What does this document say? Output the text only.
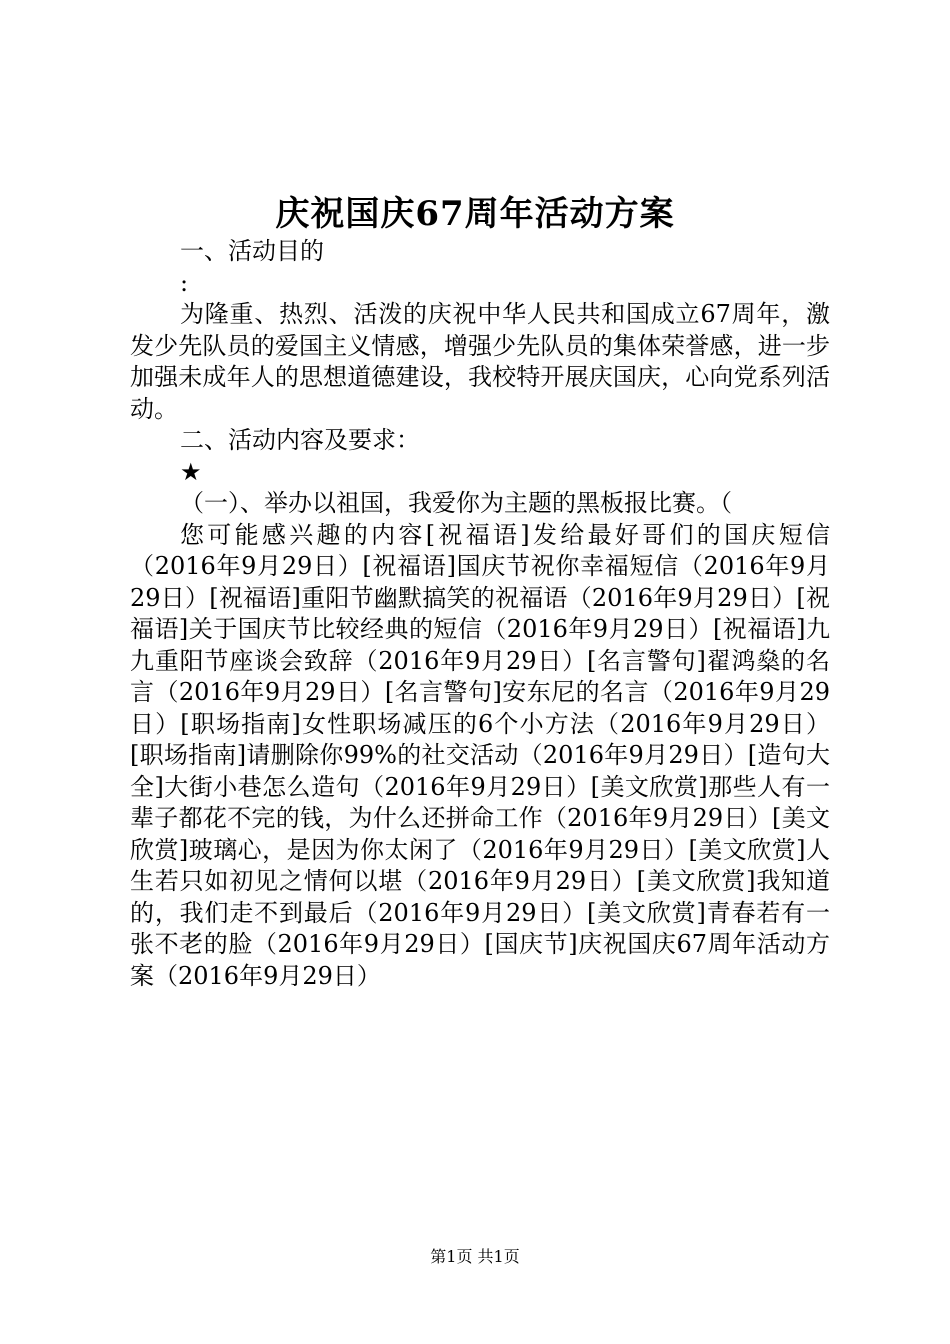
庆祝国庆67周年活动方案
一、活动目的
:

为隆重、热烈、活泼的庆祝中华人民共和国成立67周年，激发少先队员的爱国主义情感，增强少先队员的集体荣誉感，进一步加强未成年人的思想道德建设，我校特开展庆国庆，心向党系列活动。

二、活动内容及要求：
★
（一）、举办以祖国，我爱你为主题的黑板报比赛。（

您可能感兴趣的内容[祝福语]发给最好哥们的国庆短信（2016年9月29日）[祝福语]国庆节祝你幸福短信（2016年9月29日）[祝福语]重阳节幽默搞笑的祝福语（2016年9月29日）[祝福语]关于国庆节比较经典的短信（2016年9月29日）[祝福语]九九重阳节座谈会致辞（2016年9月29日）[名言警句]翟鸿燊的名言（2016年9月29日）[名言警句]安东尼的名言（2016年9月29日）[职场指南]女性职场减压的6个小方法（2016年9月29日）[职场指南]请删除你99%的社交活动（2016年9月29日）[造句大全]大街小巷怎么造句（2016年9月29日）[美文欣赏]那些人有一辈子都花不完的钱，为什么还拼命工作（2016年9月29日）[美文欣赏]玻璃心，是因为你太闲了（2016年9月29日）[美文欣赏]人生若只如初见之情何以堪（2016年9月29日）[美文欣赏]我知道的，我们走不到最后（2016年9月29日）[美文欣赏]青春若有一张不老的脸（2016年9月29日）[国庆节]庆祝国庆67周年活动方案（2016年9月29日）

第1页 共1页
